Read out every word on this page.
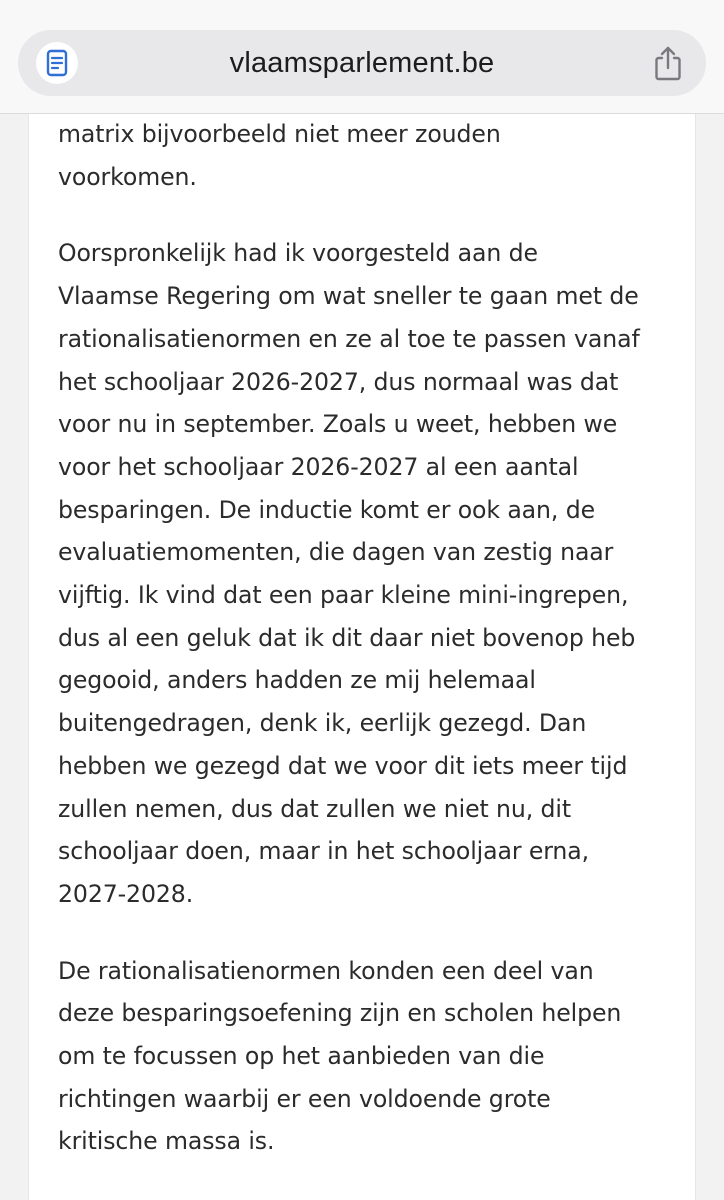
vlaamsparlement.be

matrix bijvoorbeeld niet meer zouden
voorkomen.

Oorspronkelijk had ik voorgesteld aan de
Vlaamse Regering om wat sneller te gaan met de
rationalisatienormen en ze al toe te passen vanaf
het schooljaar 2026-2027, dus normaal was dat
voor nu in september. Zoals u weet, hebben we
voor het schooljaar 2026-2027 al een aantal
besparingen. De inductie komt er ook aan, de
evaluatiemomenten, die dagen van zestig naar
vijftig. Ik vind dat een paar kleine mini-ingrepen,
dus al een geluk dat ik dit daar niet bovenop heb
gegooid, anders hadden ze mij helemaal
buitengedragen, denk ik, eerlijk gezegd. Dan
hebben we gezegd dat we voor dit iets meer tijd
zullen nemen, dus dat zullen we niet nu, dit
schooljaar doen, maar in het schooljaar erna,
2027-2028.

De rationalisatienormen konden een deel van
deze besparingsoefening zijn en scholen helpen
om te focussen op het aanbieden van die
richtingen waarbij er een voldoende grote
kritische massa is.
